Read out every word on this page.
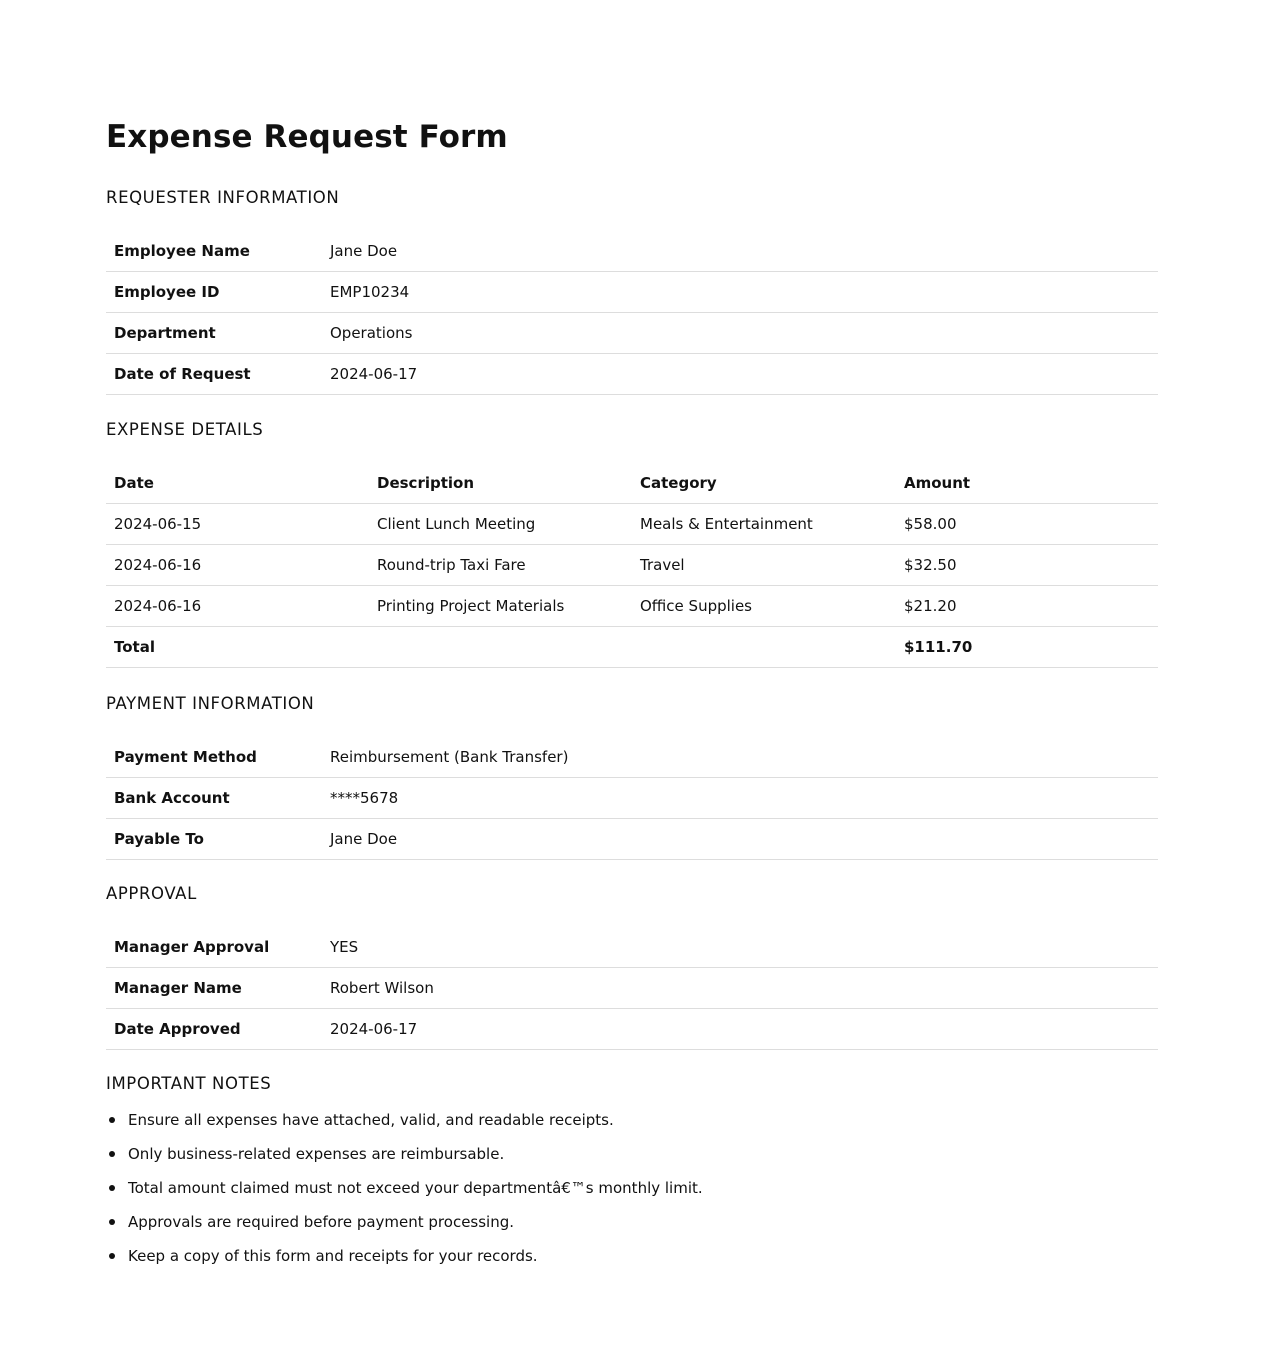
Expense Request Form
REQUESTER INFORMATION
Employee Name	Jane Doe
Employee ID	EMP10234
Department	Operations
Date of Request	2024-06-17
EXPENSE DETAILS
Date	Description	Category	Amount
2024-06-15	Client Lunch Meeting	Meals & Entertainment	$58.00
2024-06-16	Round-trip Taxi Fare	Travel	$32.50
2024-06-16	Printing Project Materials	Office Supplies	$21.20
Total			$111.70
PAYMENT INFORMATION
Payment Method	Reimbursement (Bank Transfer)
Bank Account	****5678
Payable To	Jane Doe
APPROVAL
Manager Approval	YES
Manager Name	Robert Wilson
Date Approved	2024-06-17
IMPORTANT NOTES
Ensure all expenses have attached, valid, and readable receipts.
Only business-related expenses are reimbursable.
Total amount claimed must not exceed your departmentâ€™s monthly limit.
Approvals are required before payment processing.
Keep a copy of this form and receipts for your records.
